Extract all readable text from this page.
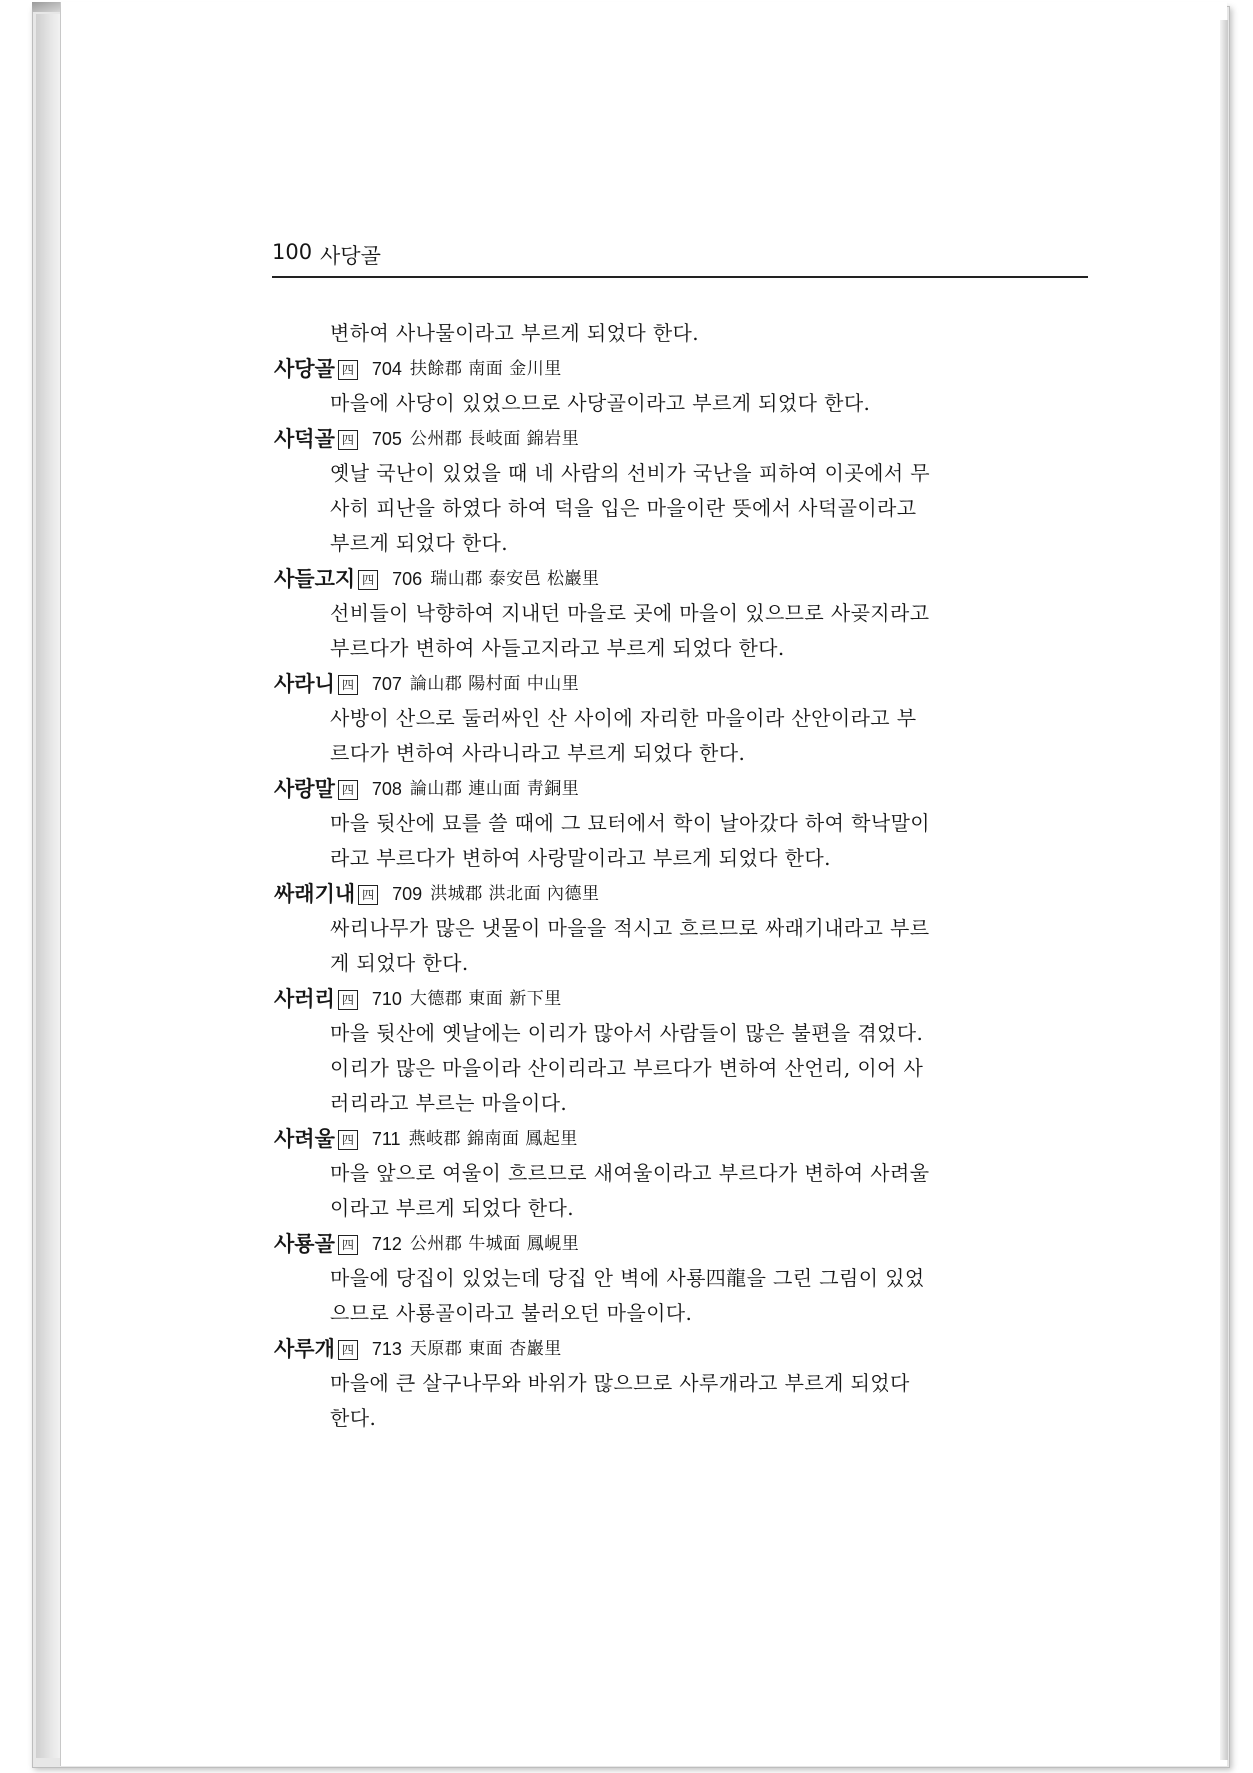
100 사당골
변하여 사나물이라고 부르게 되었다 한다.
사당골 四 704 扶餘郡 南面 金川里
마을에 사당이 있었으므로 사당골이라고 부르게 되었다 한다.
사덕골 四 705 公州郡 長岐面 錦岩里
옛날 국난이 있었을 때 네 사람의 선비가 국난을 피하여 이곳에서 무
사히 피난을 하였다 하여 덕을 입은 마을이란 뜻에서 사덕골이라고
부르게 되었다 한다.
사들고지 四 706 瑞山郡 泰安邑 松巖里
선비들이 낙향하여 지내던 마을로 곳에 마을이 있으므로 사곶지라고
부르다가 변하여 사들고지라고 부르게 되었다 한다.
사라니 四 707 論山郡 陽村面 中山里
사방이 산으로 둘러싸인 산 사이에 자리한 마을이라 산안이라고 부
르다가 변하여 사라니라고 부르게 되었다 한다.
사랑말 四 708 論山郡 連山面 靑銅里
마을 뒷산에 묘를 쓸 때에 그 묘터에서 학이 날아갔다 하여 학낙말이
라고 부르다가 변하여 사랑말이라고 부르게 되었다 한다.
싸래기내 四 709 洪城郡 洪北面 內德里
싸리나무가 많은 냇물이 마을을 적시고 흐르므로 싸래기내라고 부르
게 되었다 한다.
사러리 四 710 大德郡 東面 新下里
마을 뒷산에 옛날에는 이리가 많아서 사람들이 많은 불편을 겪었다.
이리가 많은 마을이라 산이리라고 부르다가 변하여 산언리, 이어 사
러리라고 부르는 마을이다.
사려울 四 711 燕岐郡 錦南面 鳳起里
마을 앞으로 여울이 흐르므로 새여울이라고 부르다가 변하여 사려울
이라고 부르게 되었다 한다.
사룡골 四 712 公州郡 牛城面 鳳峴里
마을에 당집이 있었는데 당집 안 벽에 사룡四龍을 그린 그림이 있었
으므로 사룡골이라고 불러오던 마을이다.
사루개 四 713 天原郡 東面 杏巖里
마을에 큰 살구나무와 바위가 많으므로 사루개라고 부르게 되었다
한다.
